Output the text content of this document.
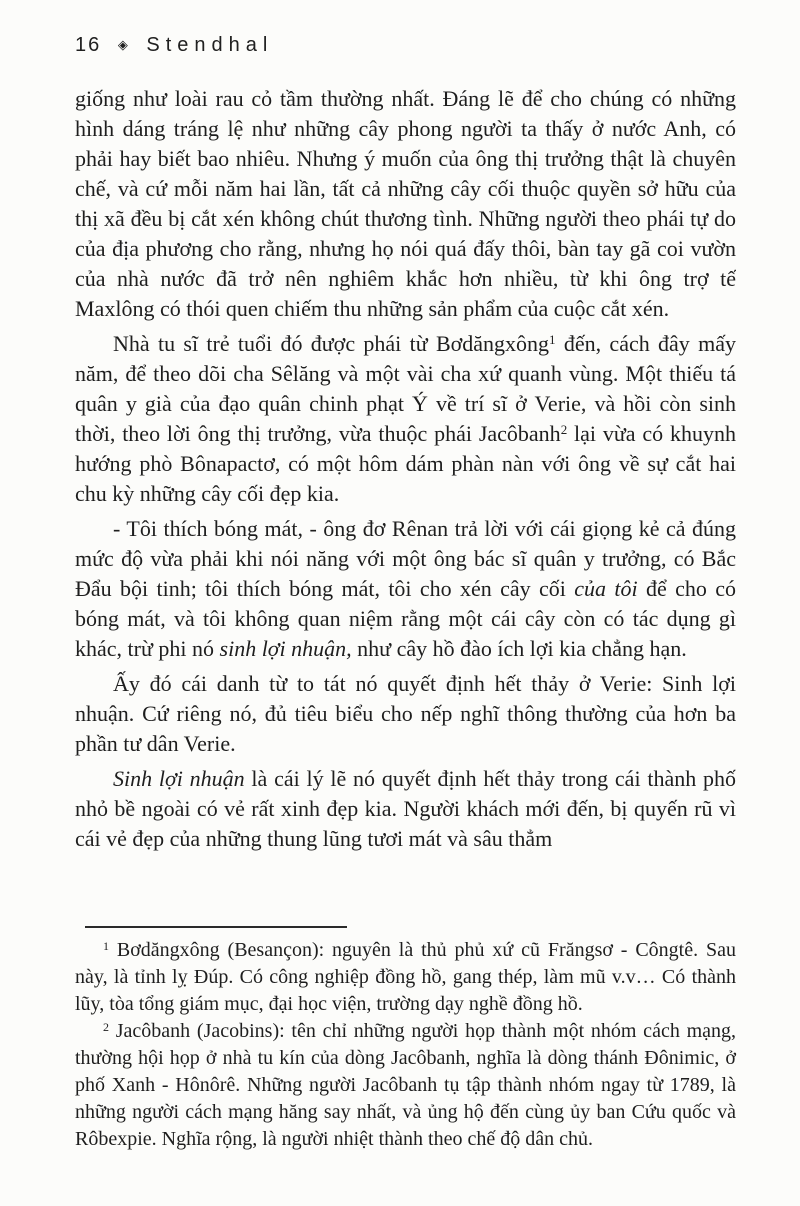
16 ◈ Stendhal

giống như loài rau cỏ tầm thường nhất. Đáng lẽ để cho chúng có những hình dáng tráng lệ như những cây phong người ta thấy ở nước Anh, có phải hay biết bao nhiêu. Nhưng ý muốn của ông thị trưởng thật là chuyên chế, và cứ mỗi năm hai lần, tất cả những cây cối thuộc quyền sở hữu của thị xã đều bị cắt xén không chút thương tình. Những người theo phái tự do của địa phương cho rằng, nhưng họ nói quá đấy thôi, bàn tay gã coi vườn của nhà nước đã trở nên nghiêm khắc hơn nhiều, từ khi ông trợ tế Maxlông có thói quen chiếm thu những sản phẩm của cuộc cắt xén.

Nhà tu sĩ trẻ tuổi đó được phái từ Bơdăngxông$^1$ đến, cách đây mấy năm, để theo dõi cha Sêlăng và một vài cha xứ quanh vùng. Một thiếu tá quân y già của đạo quân chinh phạt Ý về trí sĩ ở Verie, và hồi còn sinh thời, theo lời ông thị trưởng, vừa thuộc phái Jacôbanh$^2$ lại vừa có khuynh hướng phò Bônapactơ, có một hôm dám phàn nàn với ông về sự cắt hai chu kỳ những cây cối đẹp kia.

- Tôi thích bóng mát, - ông đơ Rênan trả lời với cái giọng kẻ cả đúng mức độ vừa phải khi nói năng với một ông bác sĩ quân y trưởng, có Bắc Đẩu bội tinh; tôi thích bóng mát, tôi cho xén cây cối của tôi để cho có bóng mát, và tôi không quan niệm rằng một cái cây còn có tác dụng gì khác, trừ phi nó sinh lợi nhuận, như cây hồ đào ích lợi kia chẳng hạn.

Ấy đó cái danh từ to tát nó quyết định hết thảy ở Verie: Sinh lợi nhuận. Cứ riêng nó, đủ tiêu biểu cho nếp nghĩ thông thường của hơn ba phần tư dân Verie.

Sinh lợi nhuận là cái lý lẽ nó quyết định hết thảy trong cái thành phố nhỏ bề ngoài có vẻ rất xinh đẹp kia. Người khách mới đến, bị quyến rũ vì cái vẻ đẹp của những thung lũng tươi mát và sâu thẳm

$^1$ Bơdăngxông (Besançon): nguyên là thủ phủ xứ cũ Frăngsơ - Côngtê. Sau này, là tỉnh lỵ Đúp. Có công nghiệp đồng hồ, gang thép, làm mũ v.v… Có thành lũy, tòa tổng giám mục, đại học viện, trường dạy nghề đồng hồ.

$^2$ Jacôbanh (Jacobins): tên chỉ những người họp thành một nhóm cách mạng, thường hội họp ở nhà tu kín của dòng Jacôbanh, nghĩa là dòng thánh Đônimic, ở phố Xanh - Hônôrê. Những người Jacôbanh tụ tập thành nhóm ngay từ 1789, là những người cách mạng hăng say nhất, và ủng hộ đến cùng ủy ban Cứu quốc và Rôbexpie. Nghĩa rộng, là người nhiệt thành theo chế độ dân chủ.
